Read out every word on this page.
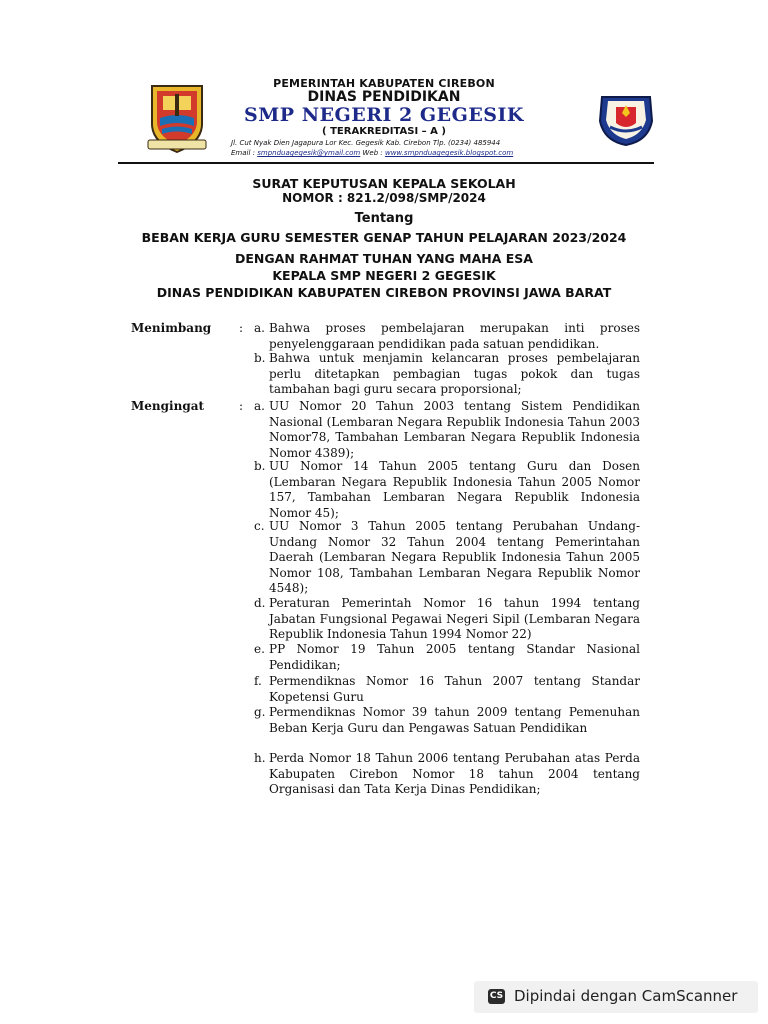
PEMERINTAH KABUPATEN CIREBON
DINAS PENDIDIKAN
SMP NEGERI 2 GEGESIK
( TERAKREDITASI – A )
Jl. Cut Nyak Dien Jagapura Lor Kec. Gegesik Kab. Cirebon Tlp. (0234) 485944
Email : smpnduagegesik@ymail.com Web : www.smpnduagegesik.blogspot.com
SURAT KEPUTUSAN KEPALA SEKOLAH
NOMOR : 821.2/098/SMP/2024
Tentang
BEBAN KERJA GURU SEMESTER GENAP TAHUN PELAJARAN 2023/2024
DENGAN RAHMAT TUHAN YANG MAHA ESA
KEPALA SMP NEGERI 2 GEGESIK
DINAS PENDIDIKAN KABUPATEN CIREBON PROVINSI JAWA BARAT
Menimbang : a. Bahwa proses pembelajaran merupakan inti proses penyelenggaraan pendidikan pada satuan pendidikan.
b. Bahwa untuk menjamin kelancaran proses pembelajaran perlu ditetapkan pembagian tugas pokok dan tugas tambahan bagi guru secara proporsional;
Mengingat	: a. UU Nomor 20 Tahun 2003 tentang Sistem Pendidikan Nasional (Lembaran Negara Republik Indonesia Tahun 2003 Nomor78, Tambahan Lembaran Negara Republik Indonesia Nomor 4389);
b. UU Nomor 14 Tahun 2005 tentang Guru dan Dosen (Lembaran Negara Republik Indonesia Tahun 2005 Nomor 157, Tambahan Lembaran Negara Republik Indonesia Nomor 45);
c. UU Nomor 3 Tahun 2005 tentang Perubahan Undang-Undang Nomor 32 Tahun 2004 tentang Pemerintahan Daerah (Lembaran Negara Republik Indonesia Tahun 2005 Nomor 108, Tambahan Lembaran Negara Republik Nomor 4548);
d. Peraturan Pemerintah Nomor 16 tahun 1994 tentang Jabatan Fungsional Pegawai Negeri Sipil (Lembaran Negara Republik Indonesia Tahun 1994 Nomor 22)
e. PP Nomor 19 Tahun 2005 tentang Standar Nasional Pendidikan;
f. Permendiknas Nomor 16 Tahun 2007 tentang Standar Kopetensi Guru
g. Permendiknas Nomor 39 tahun 2009 tentang Pemenuhan Beban Kerja Guru dan Pengawas Satuan Pendidikan
h. Perda Nomor 18 Tahun 2006 tentang Perubahan atas Perda Kabupaten Cirebon Nomor 18 tahun 2004 tentang Organisasi dan Tata Kerja Dinas Pendidikan;
CS Dipindai dengan CamScanner
